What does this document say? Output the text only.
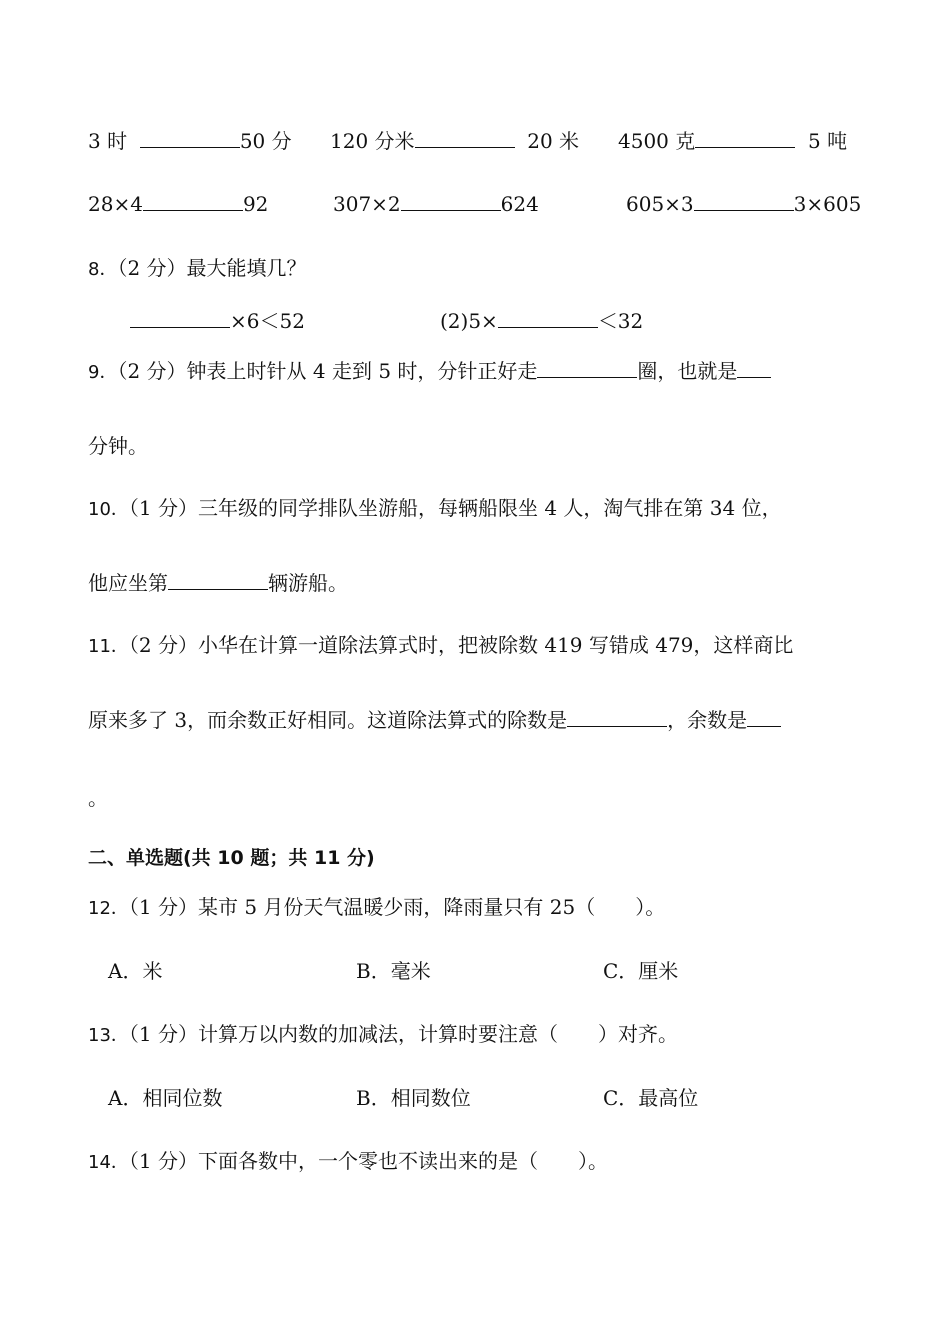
3 时	50 分 120 分米	20 米 4500 克	5 吨
28×4	92	307×2	624	605×3	3×605
8．（2 分）最大能填几？
×6＜52	(2)5×	＜32
9．（2 分）钟表上时针从 4 走到 5 时，分针正好走	圈，也就是
分钟。
10．（1 分）三年级的同学排队坐游船，每辆船限坐 4 人，淘气排在第 34 位，
他应坐第	辆游船。
11．（2 分）小华在计算一道除法算式时，把被除数 419 写错成 479，这样商比
原来多了 3，而余数正好相同。这道除法算式的除数是	，余数是
。
二、单选题(共 10 题；共 11 分)
12．（1 分）某市 5 月份天气温暖少雨，降雨量只有 25（　　）。
A．米	B．毫米	C．厘米
13．（1 分）计算万以内数的加减法，计算时要注意（　　）对齐。
A．相同位数	B．相同数位	C．最高位
14．（1 分）下面各数中，一个零也不读出来的是（　　）。
